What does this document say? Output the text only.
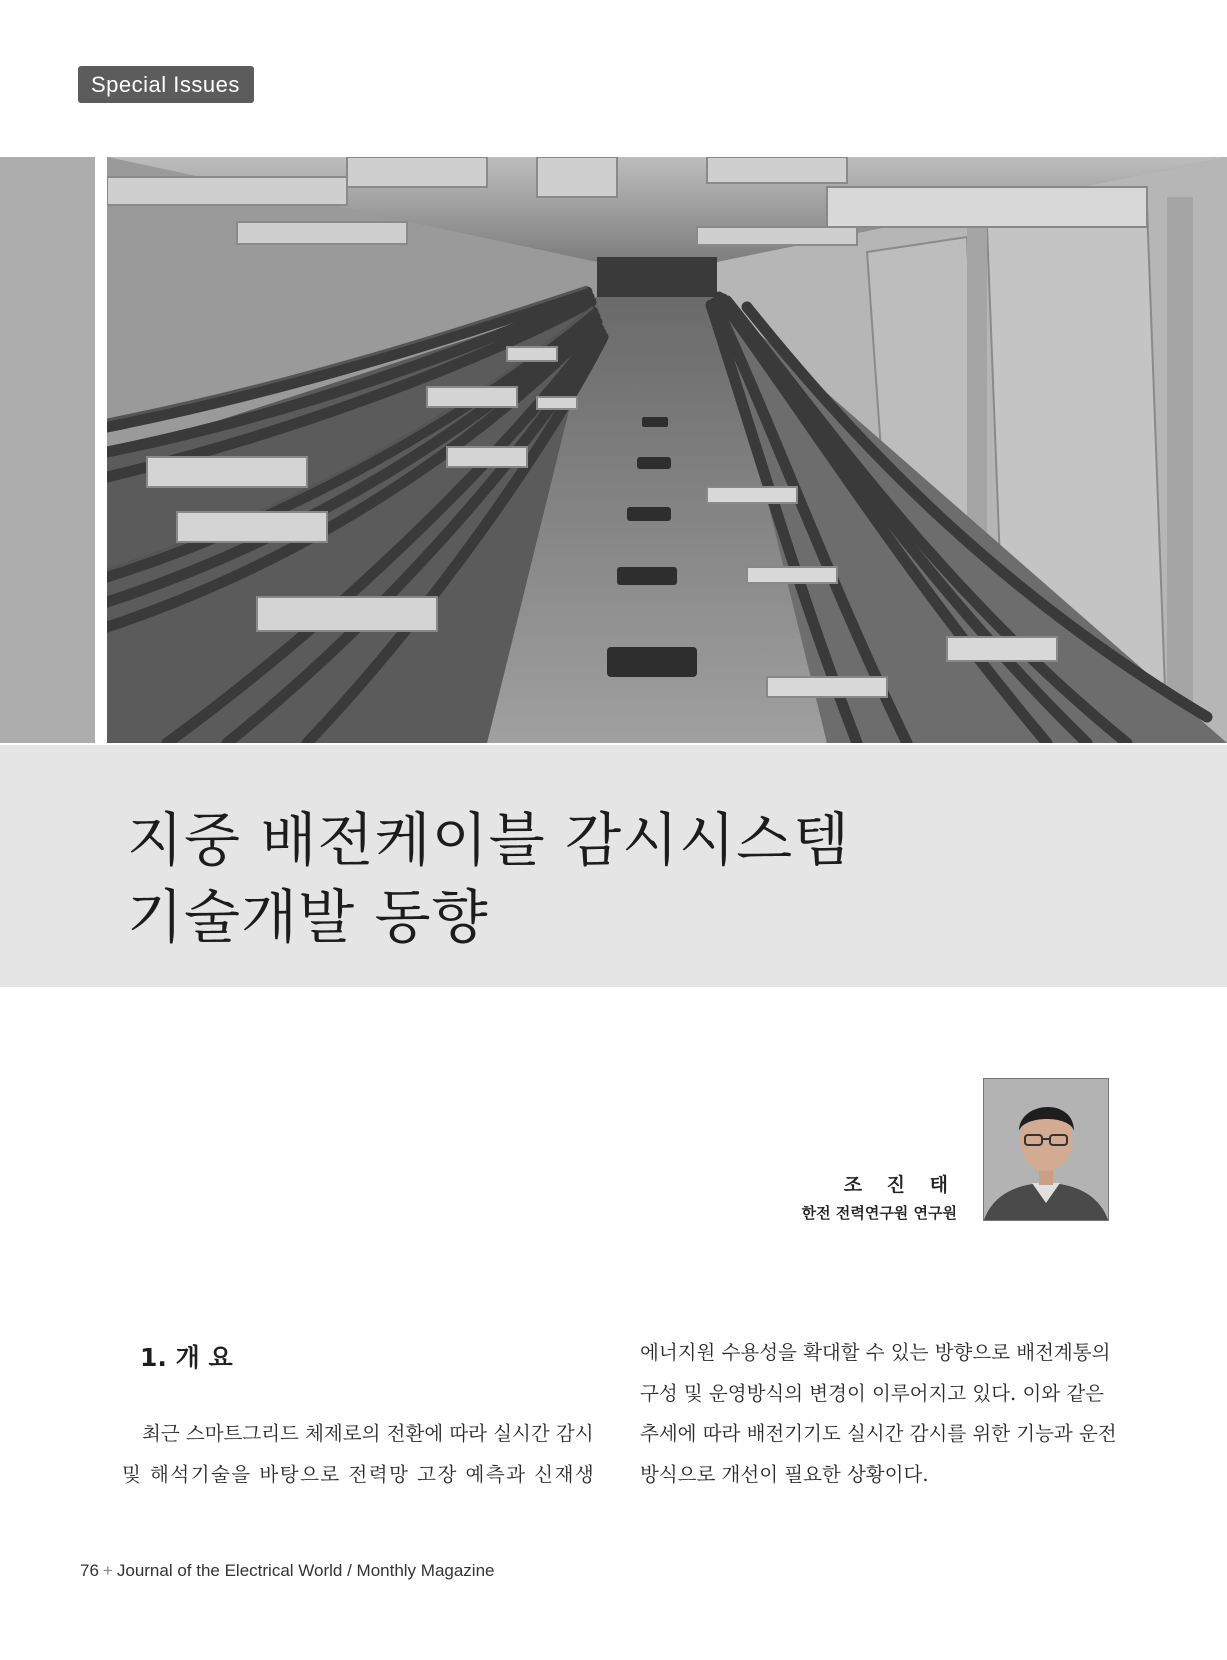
Special Issues
지중 배전케이블 감시시스템
기술개발 동향
조 진 태
한전 전력연구원 연구원
1. 개 요
최근 스마트그리드 체제로의 전환에 따라 실시간 감시
및 해석기술을 바탕으로 전력망 고장 예측과 신재생
에너지원 수용성을 확대할 수 있는 방향으로 배전계통의
구성 및 운영방식의 변경이 이루어지고 있다. 이와 같은
추세에 따라 배전기기도 실시간 감시를 위한 기능과 운전
방식으로 개선이 필요한 상황이다.
76 + Journal of the Electrical World / Monthly Magazine
